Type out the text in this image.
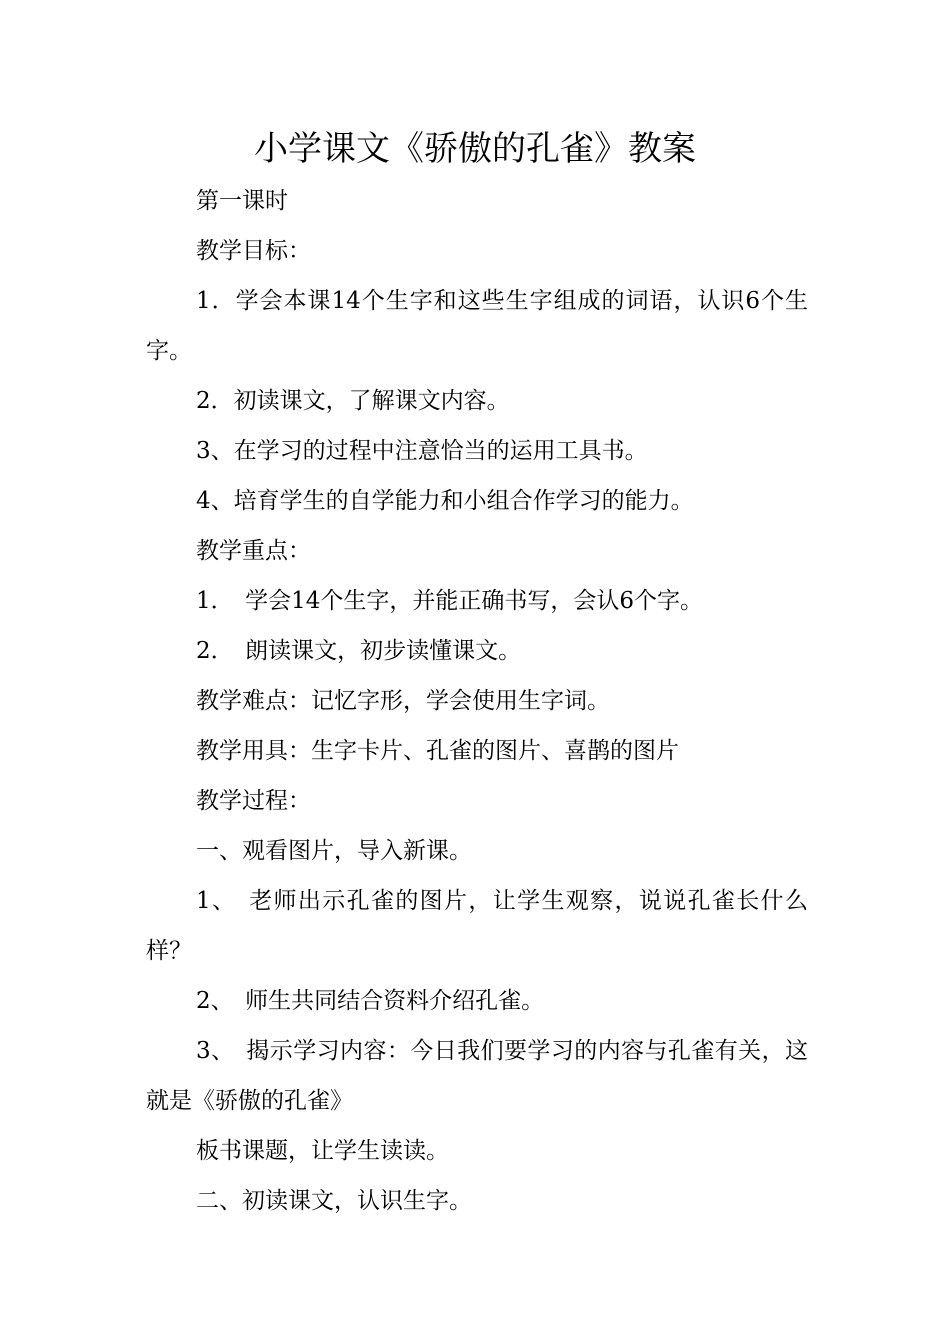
小学课文《骄傲的孔雀》教案

第一课时

教学目标：

1．学会本课14个生字和这些生字组成的词语，认识6个生字。

2．初读课文，了解课文内容。

3、在学习的过程中注意恰当的运用工具书。

4、培育学生的自学能力和小组合作学习的能力。

教学重点：

1．　学会14个生字，并能正确书写，会认6个字。

2．　朗读课文，初步读懂课文。

教学难点：记忆字形，学会使用生字词。

教学用具：生字卡片、孔雀的图片、喜鹊的图片

教学过程：

一、观看图片，导入新课。

1、　老师出示孔雀的图片，让学生观察，说说孔雀长什么样？

2、　师生共同结合资料介绍孔雀。

3、　揭示学习内容：今日我们要学习的内容与孔雀有关，这就是《骄傲的孔雀》

板书课题，让学生读读。

二、初读课文，认识生字。
